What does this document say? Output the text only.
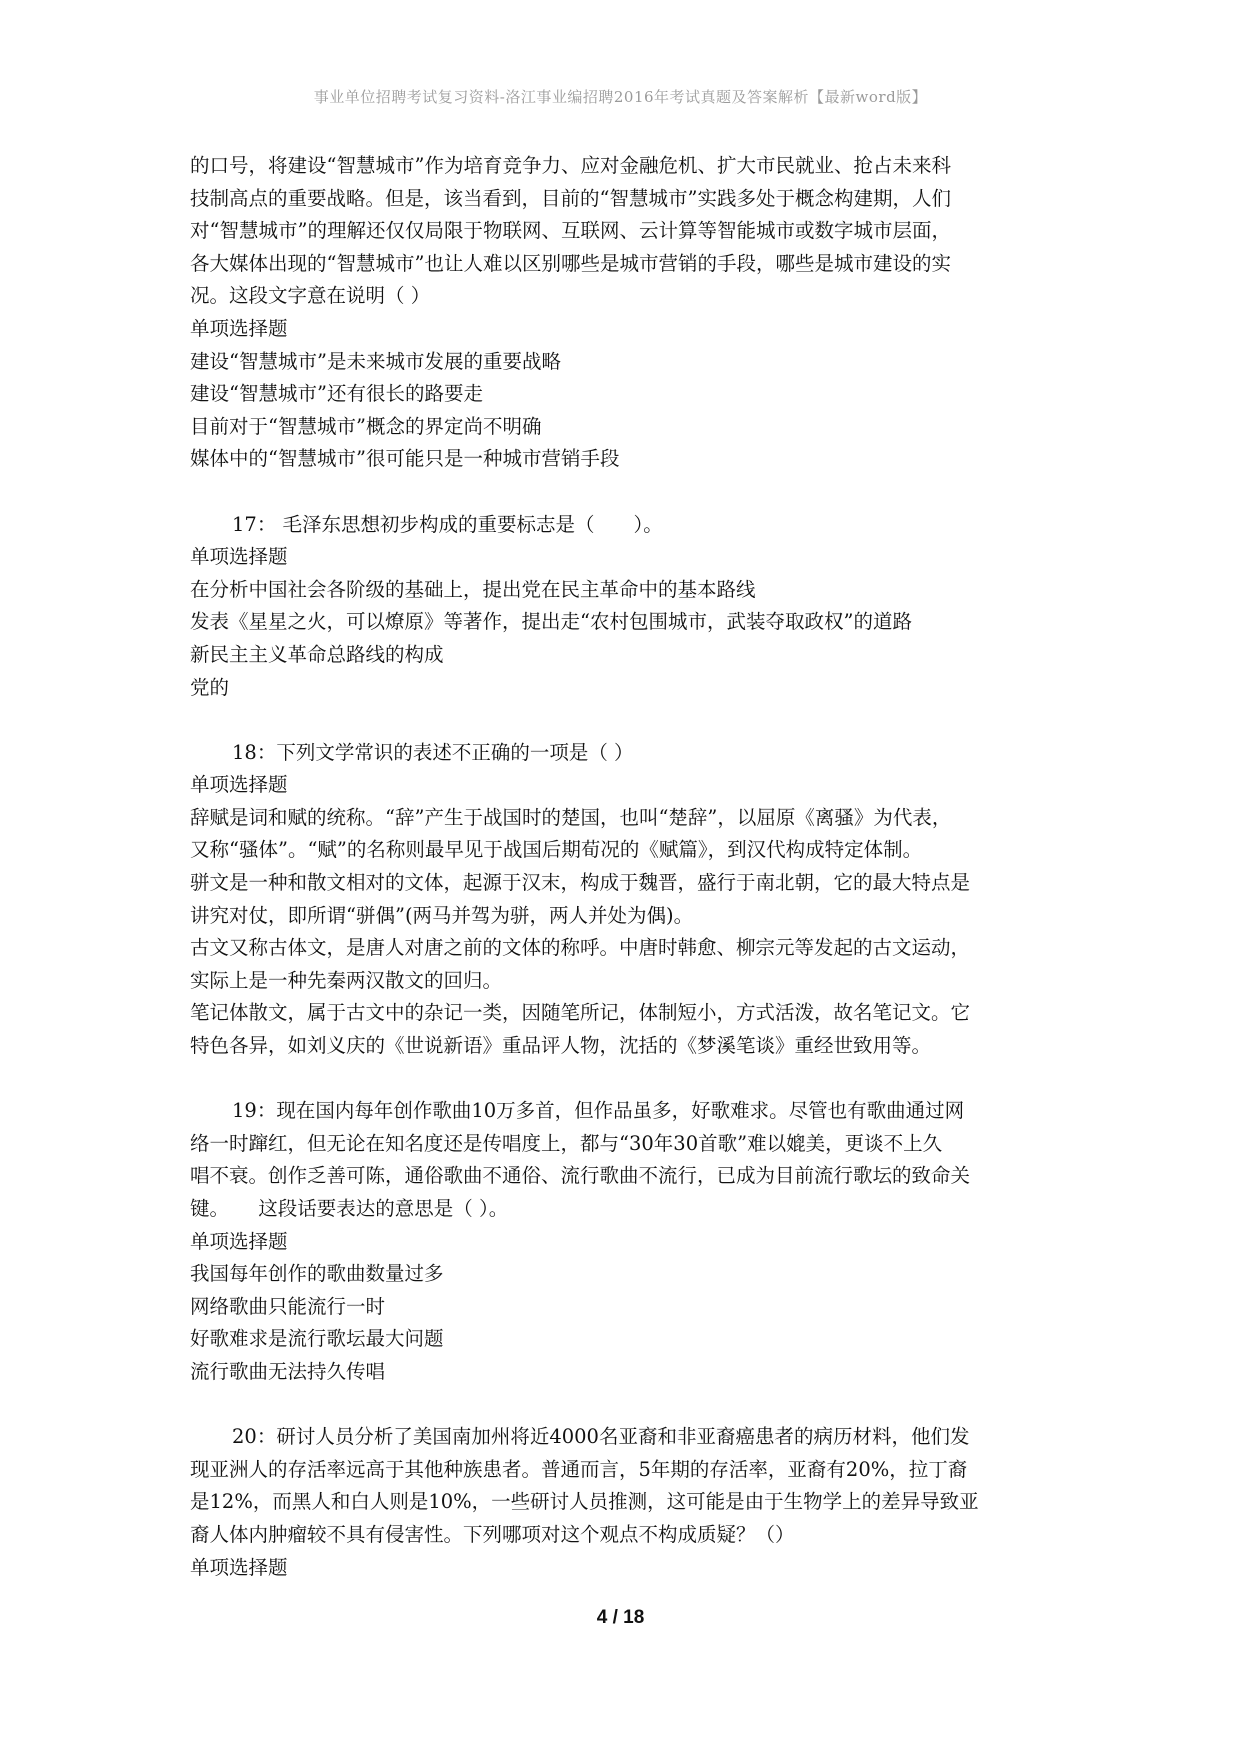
事业单位招聘考试复习资料-洛江事业编招聘2016年考试真题及答案解析【最新word版】

的口号，将建设“智慧城市”作为培育竞争力、应对金融危机、扩大市民就业、抢占未来科

技制高点的重要战略。但是，该当看到，目前的“智慧城市”实践多处于概念构建期，人们

对“智慧城市”的理解还仅仅局限于物联网、互联网、云计算等智能城市或数字城市层面，

各大媒体出现的“智慧城市”也让人难以区别哪些是城市营销的手段，哪些是城市建设的实

况。这段文字意在说明（ ）

单项选择题

建设“智慧城市”是未来城市发展的重要战略

建设“智慧城市”还有很长的路要走

目前对于“智慧城市”概念的界定尚不明确

媒体中的“智慧城市”很可能只是一种城市营销手段

17： 毛泽东思想初步构成的重要标志是（　　）。

单项选择题

在分析中国社会各阶级的基础上，提出党在民主革命中的基本路线

发表《星星之火，可以燎原》等著作，提出走“农村包围城市，武装夺取政权”的道路

新民主主义革命总路线的构成

党的

18：下列文学常识的表述不正确的一项是（ ）

单项选择题

辞赋是词和赋的统称。“辞”产生于战国时的楚国，也叫“楚辞”，以屈原《离骚》为代表，

又称“骚体”。“赋”的名称则最早见于战国后期荀况的《赋篇》，到汉代构成特定体制。

骈文是一种和散文相对的文体，起源于汉末，构成于魏晋，盛行于南北朝，它的最大特点是

讲究对仗，即所谓“骈偶”(两马并驾为骈，两人并处为偶)。

古文又称古体文，是唐人对唐之前的文体的称呼。中唐时韩愈、柳宗元等发起的古文运动，

实际上是一种先秦两汉散文的回归。

笔记体散文，属于古文中的杂记一类，因随笔所记，体制短小，方式活泼，故名笔记文。它

特色各异，如刘义庆的《世说新语》重品评人物，沈括的《梦溪笔谈》重经世致用等。

19：现在国内每年创作歌曲10万多首，但作品虽多，好歌难求。尽管也有歌曲通过网

络一时蹿红，但无论在知名度还是传唱度上，都与“30年30首歌”难以媲美，更谈不上久

唱不衰。创作乏善可陈，通俗歌曲不通俗、流行歌曲不流行，已成为目前流行歌坛的致命关

键。　　这段话要表达的意思是（ ）。

单项选择题

我国每年创作的歌曲数量过多

网络歌曲只能流行一时

好歌难求是流行歌坛最大问题

流行歌曲无法持久传唱

20：研讨人员分析了美国南加州将近4000名亚裔和非亚裔癌患者的病历材料，他们发

现亚洲人的存活率远高于其他种族患者。普通而言，5年期的存活率，亚裔有20%，拉丁裔

是12%，而黑人和白人则是10%，一些研讨人员推测，这可能是由于生物学上的差异导致亚

裔人体内肿瘤较不具有侵害性。下列哪项对这个观点不构成质疑？（）

单项选择题

4 / 18
